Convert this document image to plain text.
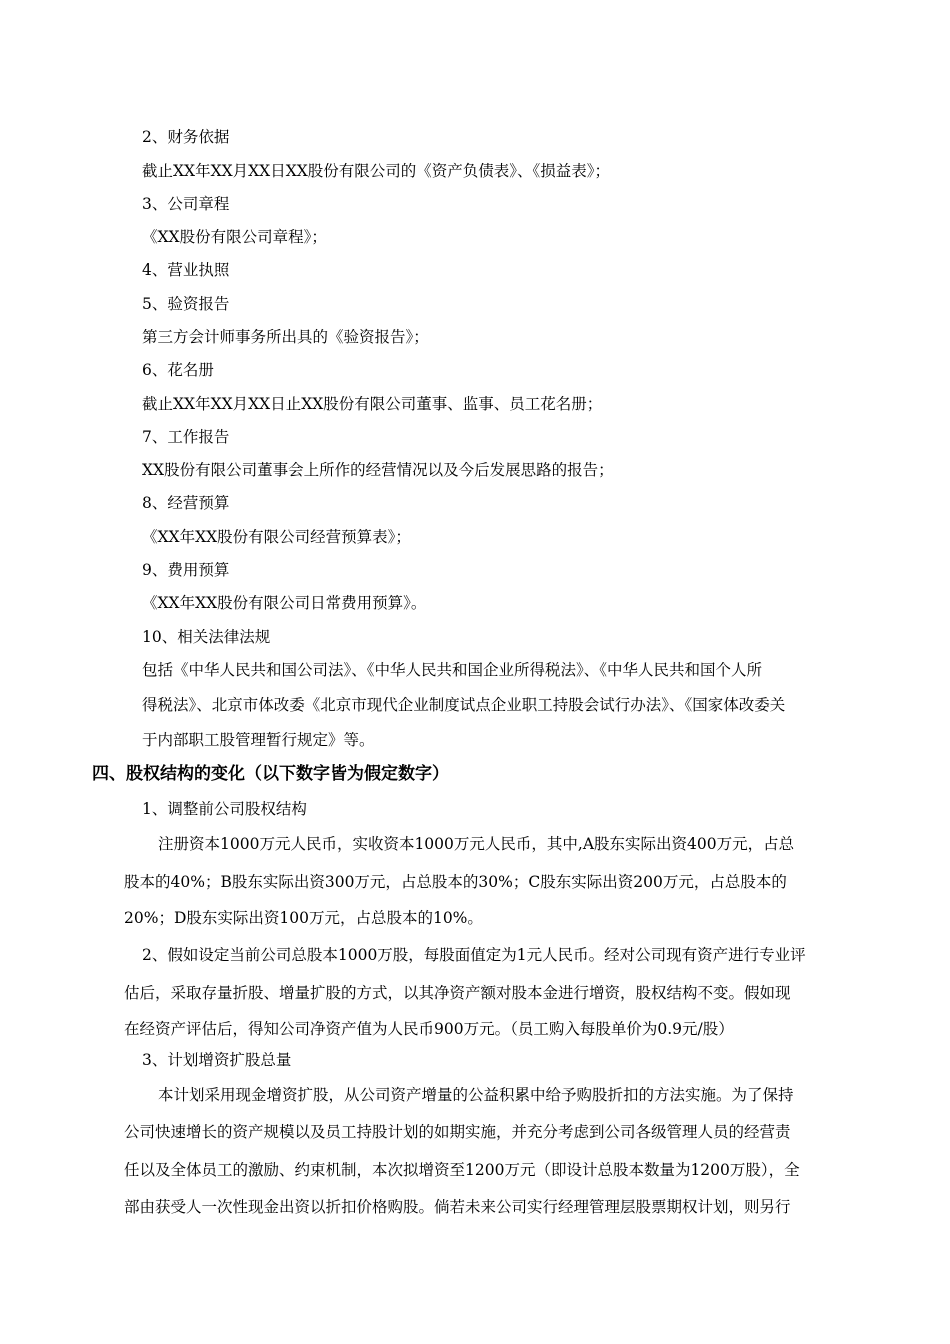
2、财务依据
截止XX年XX月XX日XX股份有限公司的《资产负债表》、《损益表》；
3、公司章程
《XX股份有限公司章程》；
4、营业执照
5、验资报告
第三方会计师事务所出具的《验资报告》；
6、花名册
截止XX年XX月XX日止XX股份有限公司董事、监事、员工花名册；
7、工作报告
XX股份有限公司董事会上所作的经营情况以及今后发展思路的报告；
8、经营预算
《XX年XX股份有限公司经营预算表》；
9、费用预算
《XX年XX股份有限公司日常费用预算》。
10、相关法律法规
包括《中华人民共和国公司法》、《中华人民共和国企业所得税法》、《中华人民共和国个人所
得税法》、北京市体改委《北京市现代企业制度试点企业职工持股会试行办法》、《国家体改委关
于内部职工股管理暂行规定》等。
四、股权结构的变化（以下数字皆为假定数字）
1、调整前公司股权结构
注册资本1000万元人民币，实收资本1000万元人民币，其中,A股东实际出资400万元，占总
股本的40%；B股东实际出资300万元，占总股本的30%；C股东实际出资200万元，占总股本的
20%；D股东实际出资100万元，占总股本的10%。
2、假如设定当前公司总股本1000万股，每股面值定为1元人民币。经对公司现有资产进行专业评
估后，采取存量折股、增量扩股的方式，以其净资产额对股本金进行增资，股权结构不变。假如现
在经资产评估后，得知公司净资产值为人民币900万元。（员工购入每股单价为0.9元/股）
3、计划增资扩股总量
本计划采用现金增资扩股，从公司资产增量的公益积累中给予购股折扣的方法实施。为了保持
公司快速增长的资产规模以及员工持股计划的如期实施，并充分考虑到公司各级管理人员的经营责
任以及全体员工的激励、约束机制，本次拟增资至1200万元（即设计总股本数量为1200万股），全
部由获受人一次性现金出资以折扣价格购股。倘若未来公司实行经理管理层股票期权计划，则另行
